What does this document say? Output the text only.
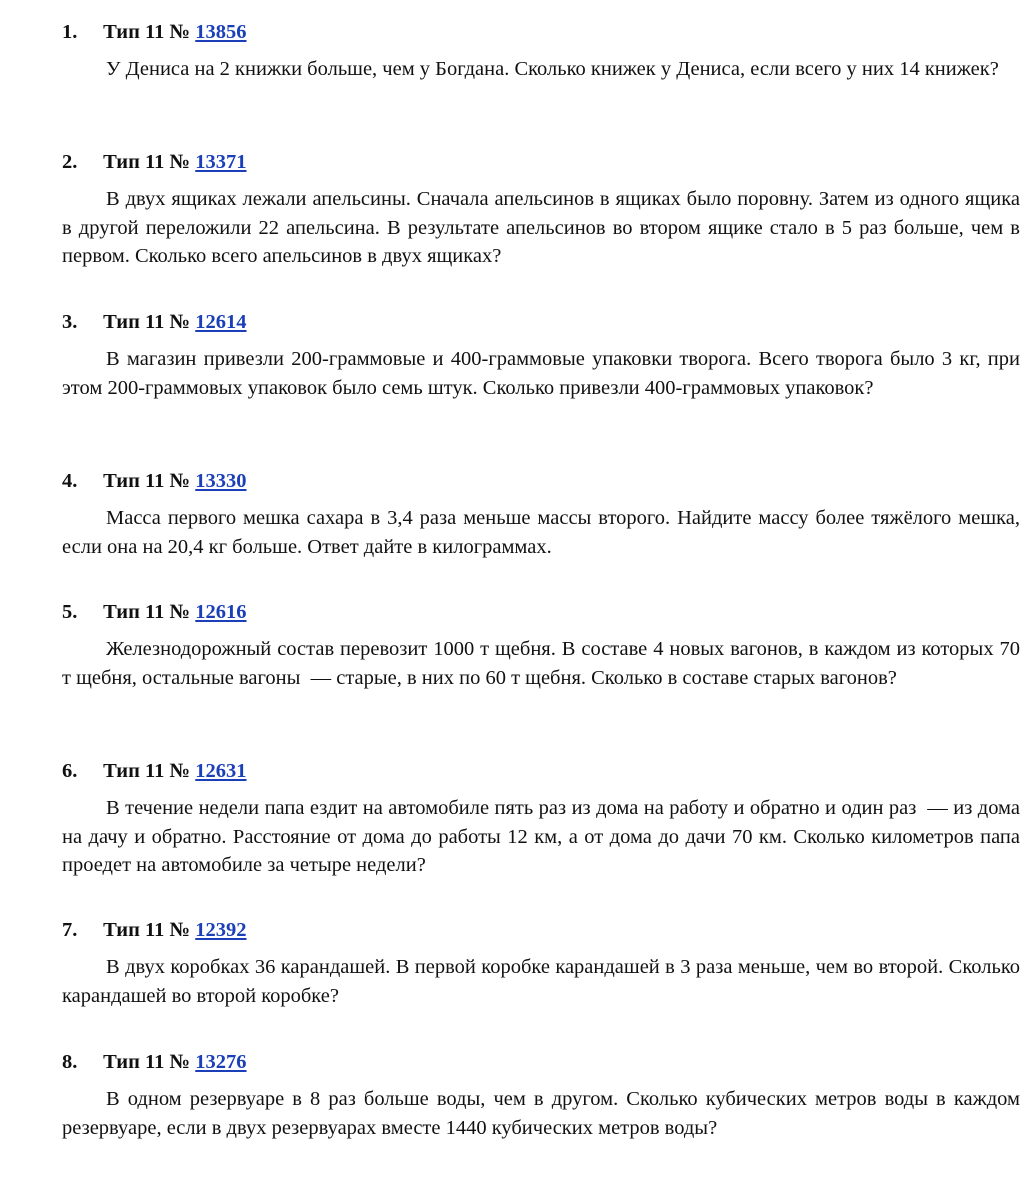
1. Тип 11 № 13856
У Дениса на 2 книжки больше, чем у Богдана. Сколько книжек у Дениса, если всего у них 14 книжек?
2. Тип 11 № 13371
В двух ящиках лежали апельсины. Сначала апельсинов в ящиках было поровну. Затем из одного ящика в другой переложили 22 апельсина. В результате апельсинов во втором ящике стало в 5 раз больше, чем в первом. Сколько всего апельсинов в двух ящиках?
3. Тип 11 № 12614
В магазин привезли 200-граммовые и 400-граммовые упаковки творога. Всего творога было 3 кг, при этом 200-граммовых упаковок было семь штук. Сколько привезли 400-граммовых упаковок?
4. Тип 11 № 13330
Масса первого мешка сахара в 3,4 раза меньше массы второго. Найдите массу более тяжёлого мешка, если она на 20,4 кг больше. Ответ дайте в килограммах.
5. Тип 11 № 12616
Железнодорожный состав перевозит 1000 т щебня. В составе 4 новых вагонов, в каждом из которых 70 т щебня, остальные вагоны  — старые, в них по 60 т щебня. Сколько в составе старых вагонов?
6. Тип 11 № 12631
В течение недели папа ездит на автомобиле пять раз из дома на работу и обратно и один раз  — из дома на дачу и обратно. Расстояние от дома до работы 12 км, а от дома до дачи 70 км. Сколько километров папа проедет на автомобиле за четыре недели?
7. Тип 11 № 12392
В двух коробках 36 карандашей. В первой коробке карандашей в 3 раза меньше, чем во второй. Сколько карандашей во второй коробке?
8. Тип 11 № 13276
В одном резервуаре в 8 раз больше воды, чем в другом. Сколько кубических метров воды в каждом резервуаре, если в двух резервуарах вместе 1440 кубических метров воды?
